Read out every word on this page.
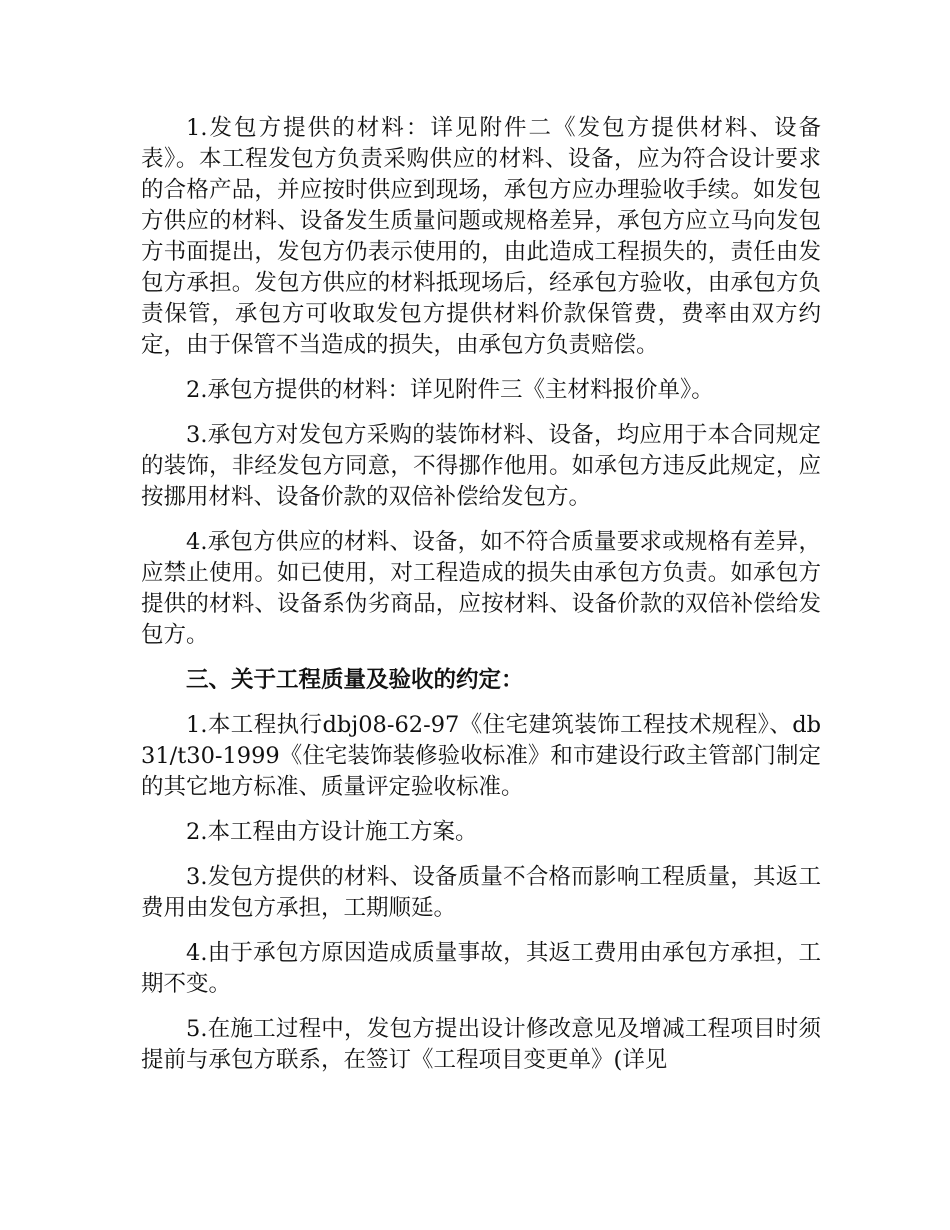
1.发包方提供的材料：详见附件二《发包方提供材料、设备表》。本工程发包方负责采购供应的材料、设备，应为符合设计要求的合格产品，并应按时供应到现场，承包方应办理验收手续。如发包方供应的材料、设备发生质量问题或规格差异，承包方应立马向发包方书面提出，发包方仍表示使用的，由此造成工程损失的，责任由发包方承担。发包方供应的材料抵现场后，经承包方验收，由承包方负责保管，承包方可收取发包方提供材料价款保管费，费率由双方约定，由于保管不当造成的损失，由承包方负责赔偿。

2.承包方提供的材料：详见附件三《主材料报价单》。

3.承包方对发包方采购的装饰材料、设备，均应用于本合同规定的装饰，非经发包方同意，不得挪作他用。如承包方违反此规定，应按挪用材料、设备价款的双倍补偿给发包方。

4.承包方供应的材料、设备，如不符合质量要求或规格有差异，应禁止使用。如已使用，对工程造成的损失由承包方负责。如承包方提供的材料、设备系伪劣商品，应按材料、设备价款的双倍补偿给发包方。

三、关于工程质量及验收的约定：

1.本工程执行dbj08-62-97《住宅建筑装饰工程技术规程》、db31/t30-1999《住宅装饰装修验收标准》和市建设行政主管部门制定的其它地方标准、质量评定验收标准。

2.本工程由方设计施工方案。

3.发包方提供的材料、设备质量不合格而影响工程质量，其返工费用由发包方承担，工期顺延。

4.由于承包方原因造成质量事故，其返工费用由承包方承担，工期不变。

5.在施工过程中，发包方提出设计修改意见及增减工程项目时须提前与承包方联系，在签订《工程项目变更单》(详见
